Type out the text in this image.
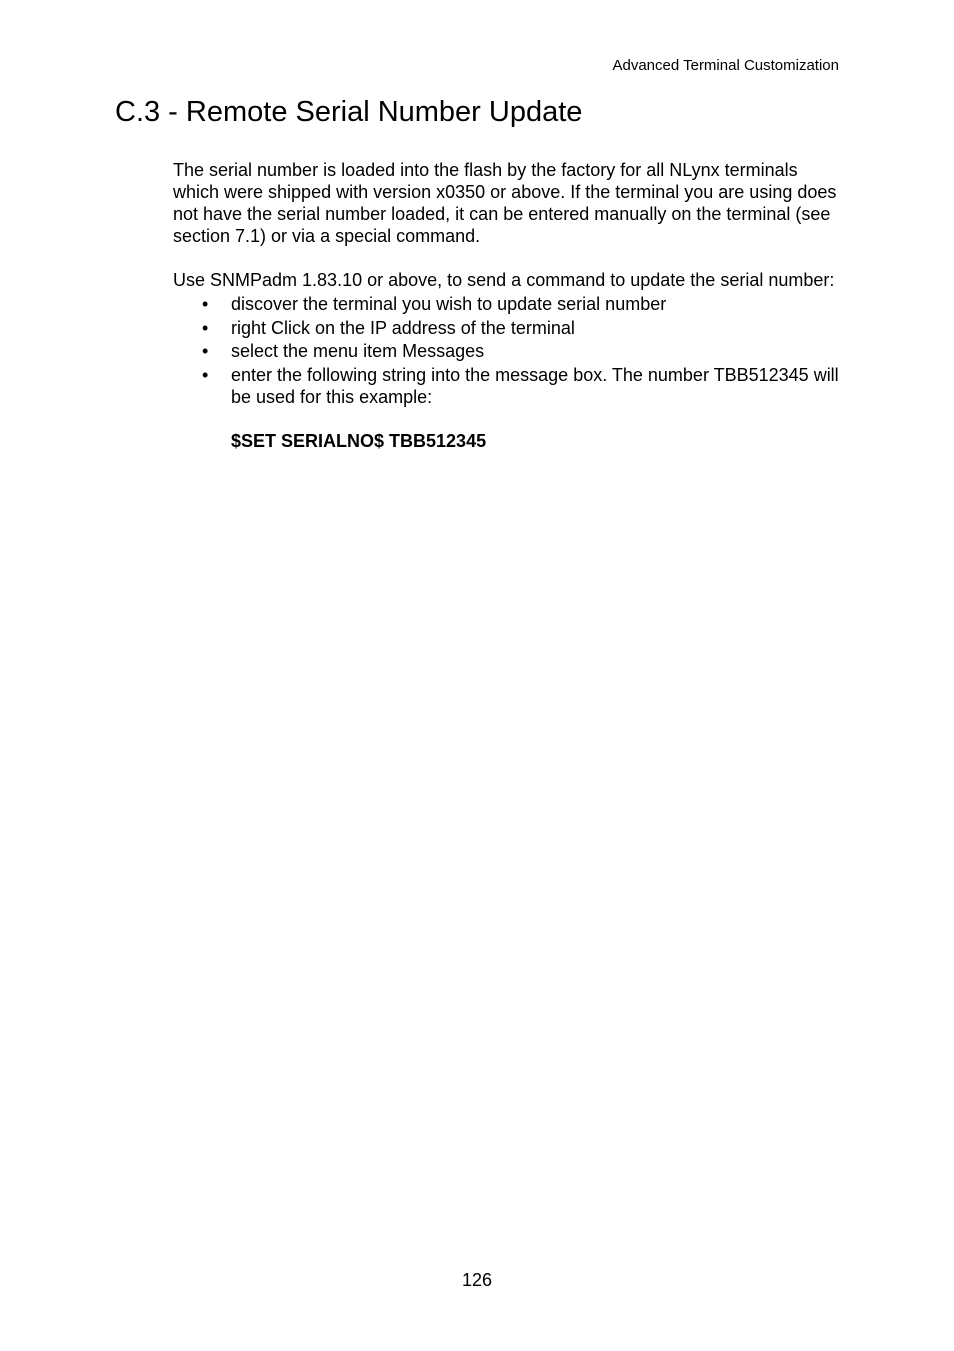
Advanced Terminal Customization
C.3 - Remote Serial Number Update

The serial number is loaded into the flash by the factory for all NLynx terminals which were shipped with version x0350 or above. If the terminal you are using does not have the serial number loaded, it can be entered manually on the terminal (see section 7.1) or via a special command.

Use SNMPadm 1.83.10 or above, to send a command to update the serial number:

• discover the terminal you wish to update serial number
• right Click on the IP address of the terminal
• select the menu item Messages
• enter the following string into the message box. The number TBB512345 will be used for this example:
$SET SERIALNO$ TBB512345
126
